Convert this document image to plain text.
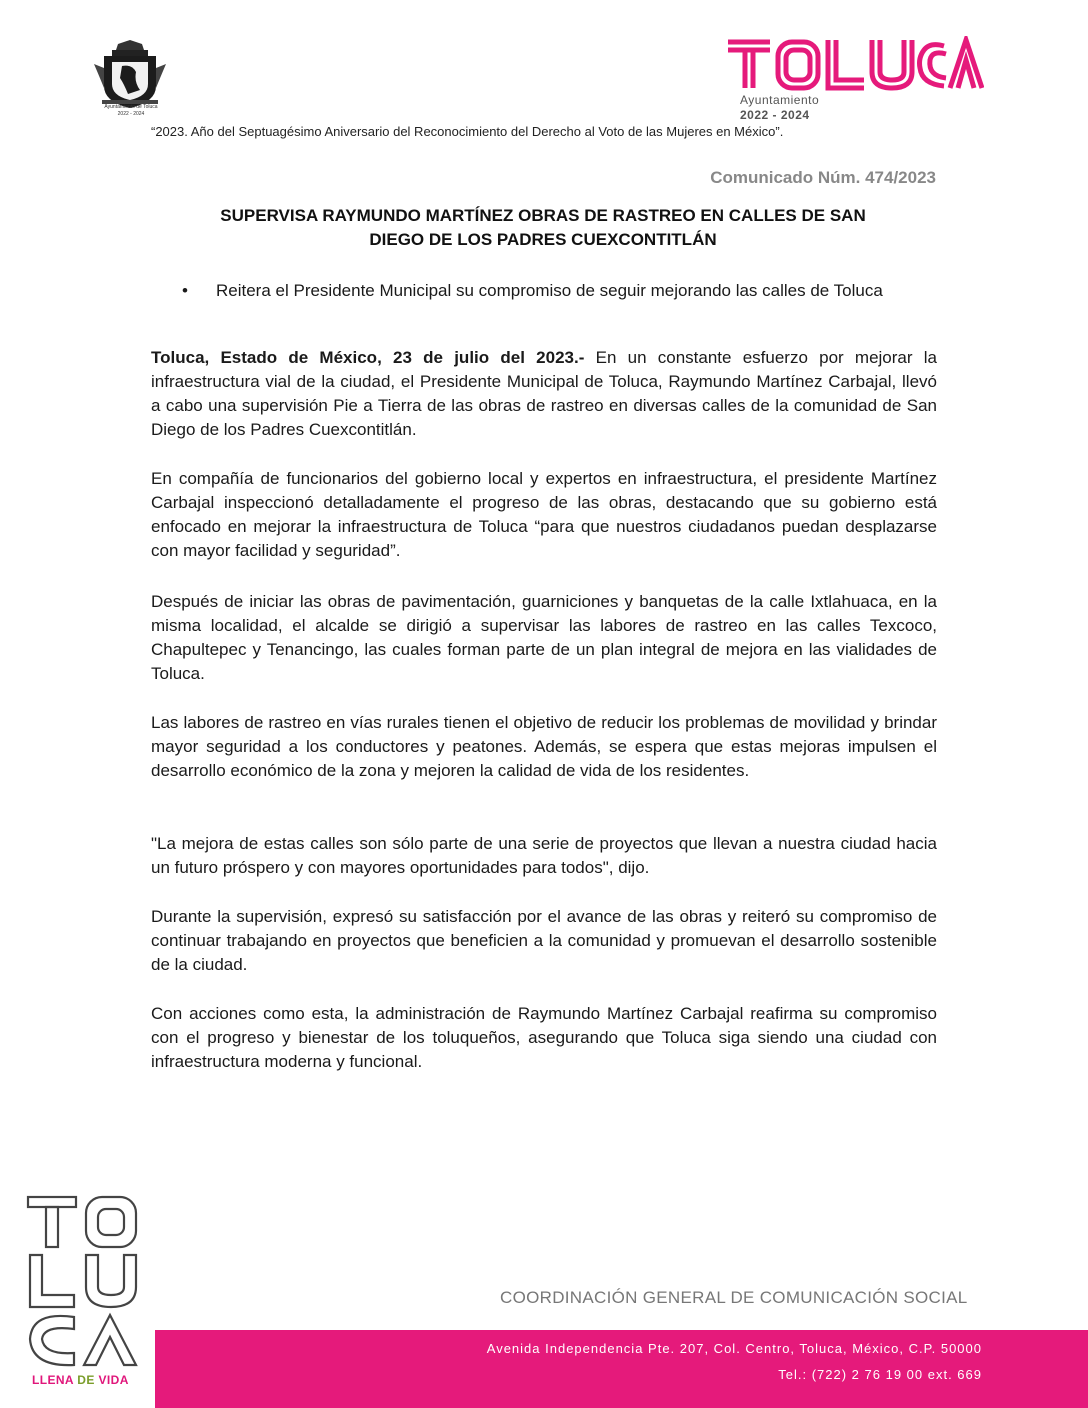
Ayuntamiento de Toluca
2022 - 2024
Ayuntamiento
2022 - 2024
“2023. Año del Septuagésimo Aniversario del Reconocimiento del Derecho al Voto de las Mujeres en México”.
Comunicado Núm. 474/2023
SUPERVISA RAYMUNDO MARTÍNEZ OBRAS DE RASTREO EN CALLES DE SAN
DIEGO DE LOS PADRES CUEXCONTITLÁN
• Reitera el Presidente Municipal su compromiso de seguir mejorando las calles de Toluca
Toluca, Estado de México, 23 de julio del 2023.- En un constante esfuerzo por mejorar la infraestructura vial de la ciudad, el Presidente Municipal de Toluca, Raymundo Martínez Carbajal, llevó a cabo una supervisión Pie a Tierra de las obras de rastreo en diversas calles de la comunidad de San Diego de los Padres Cuexcontitlán.
En compañía de funcionarios del gobierno local y expertos en infraestructura, el presidente Martínez Carbajal inspeccionó detalladamente el progreso de las obras, destacando que su gobierno está enfocado en mejorar la infraestructura de Toluca “para que nuestros ciudadanos puedan desplazarse con mayor facilidad y seguridad”.
Después de iniciar las obras de pavimentación, guarniciones y banquetas de la calle Ixtlahuaca, en la misma localidad, el alcalde se dirigió a supervisar las labores de rastreo en las calles Texcoco, Chapultepec y Tenancingo, las cuales forman parte de un plan integral de mejora en las vialidades de Toluca.
Las labores de rastreo en vías rurales tienen el objetivo de reducir los problemas de movilidad y brindar mayor seguridad a los conductores y peatones. Además, se espera que estas mejoras impulsen el desarrollo económico de la zona y mejoren la calidad de vida de los residentes.
"La mejora de estas calles son sólo parte de una serie de proyectos que llevan a nuestra ciudad hacia un futuro próspero y con mayores oportunidades para todos", dijo.
Durante la supervisión, expresó su satisfacción por el avance de las obras y reiteró su compromiso de continuar trabajando en proyectos que beneficien a la comunidad y promuevan el desarrollo sostenible de la ciudad.
Con acciones como esta, la administración de Raymundo Martínez Carbajal reafirma su compromiso con el progreso y bienestar de los toluqueños, asegurando que Toluca siga siendo una ciudad con infraestructura moderna y funcional.
LLENA DE VIDA
COORDINACIÓN GENERAL DE COMUNICACIÓN SOCIAL
Avenida Independencia Pte. 207, Col. Centro, Toluca, México, C.P. 50000
Tel.: (722) 2 76 19 00 ext. 669
